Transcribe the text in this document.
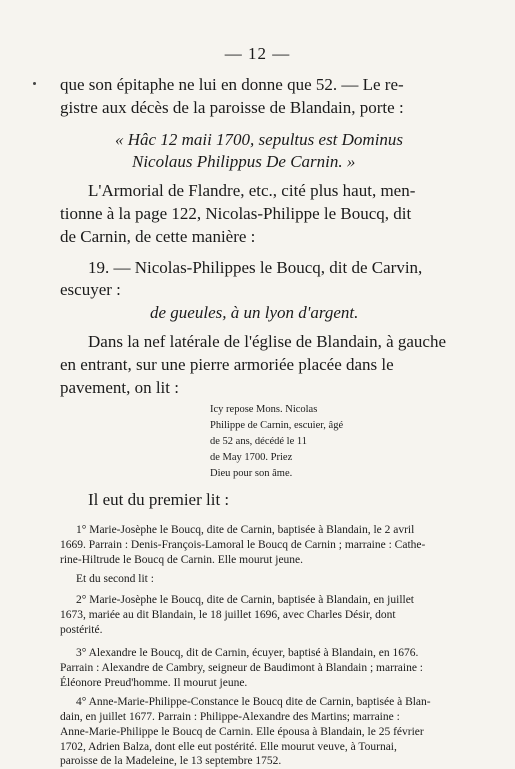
— 12 —
que son épitaphe ne lui en donne que 52. — Le re-
gistre aux décès de la paroisse de Blandain, porte :
« Hâc 12 maii 1700, sepultus est Dominus
Nicolaus Philippus De Carnin. »
L'Armorial de Flandre, etc., cité plus haut, men-
tionne à la page 122, Nicolas-Philippe le Boucq, dit
de Carnin, de cette manière :
19. — Nicolas-Philippes le Boucq, dit de Carvin,
escuyer :
de gueules, à un lyon d'argent.
Dans la nef latérale de l'église de Blandain, à gauche
en entrant, sur une pierre armoriée placée dans le
pavement, on lit :
Icy repose Mons. Nicolas
Philippe de Carnin, escuier, âgé
de 52 ans, décédé le 11
de May 1700. Priez
Dieu pour son âme.
Il eut du premier lit :
1° Marie-Josèphe le Boucq, dite de Carnin, baptisée à Blandain, le 2 avril
1669. Parrain : Denis-François-Lamoral le Boucq de Carnin ; marraine : Cathe-
rine-Hiltrude le Boucq de Carnin. Elle mourut jeune.
Et du second lit :
2° Marie-Josèphe le Boucq, dite de Carnin, baptisée à Blandain, en juillet
1673, mariée au dit Blandain, le 18 juillet 1696, avec Charles Désir, dont
postérité.
3° Alexandre le Boucq, dit de Carnin, écuyer, baptisé à Blandain, en 1676.
Parrain : Alexandre de Cambry, seigneur de Baudimont à Blandain ; marraine :
Éléonore Preud'homme. Il mourut jeune.
4° Anne-Marie-Philippe-Constance le Boucq dite de Carnin, baptisée à Blan-
dain, en juillet 1677. Parrain : Philippe-Alexandre des Martins; marraine :
Anne-Marie-Philippe le Boucq de Carnin. Elle épousa à Blandain, le 25 février
1702, Adrien Balza, dont elle eut postérité. Elle mourut veuve, à Tournai,
paroisse de la Madeleine, le 13 septembre 1752.
